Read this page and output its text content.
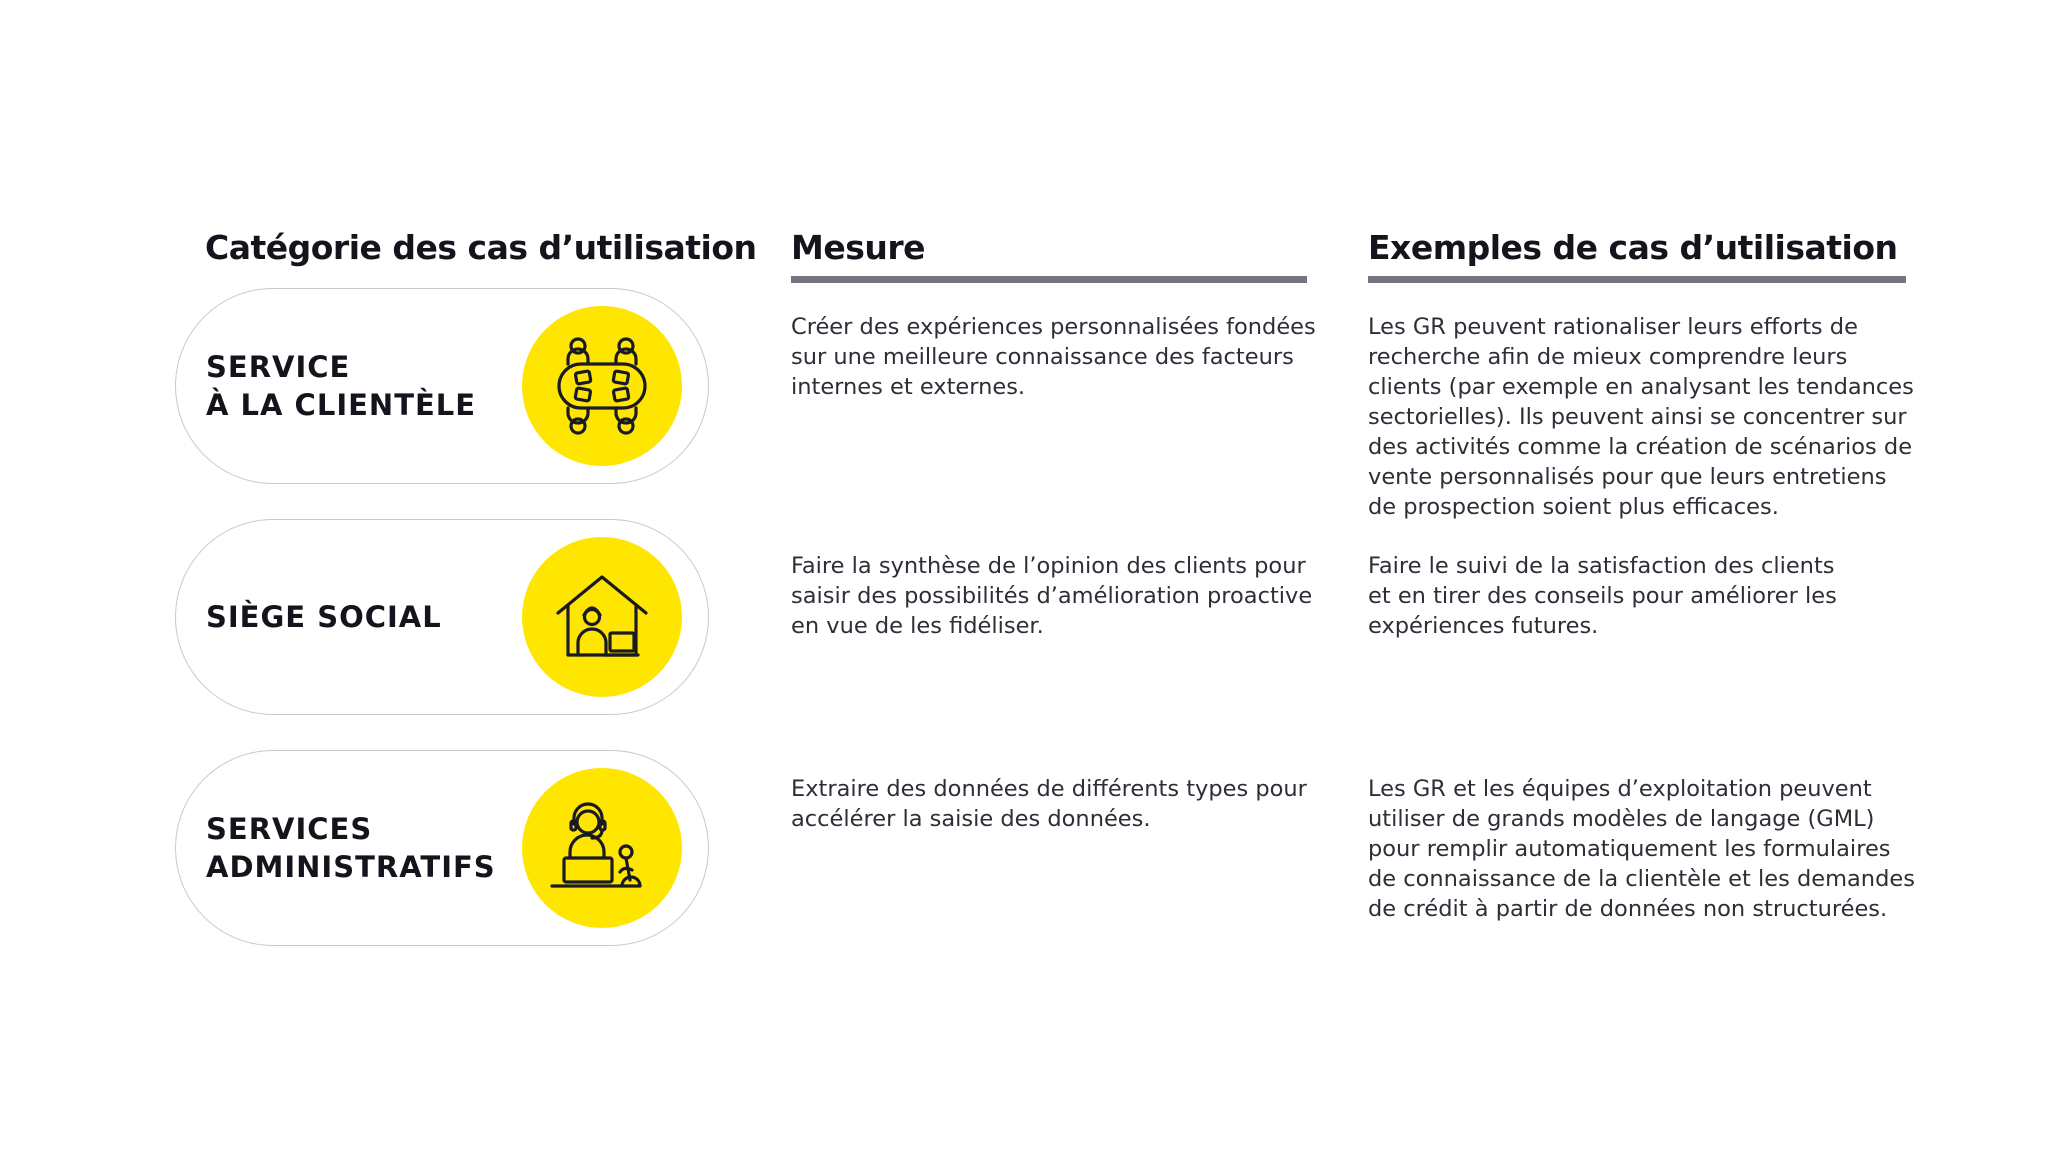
Catégorie des cas d’utilisation Mesure	Exemples de cas d’utilisation
SERVICE
À LA CLIENTÈLE
Créer des expériences personnalisées fondées
sur une meilleure connaissance des facteurs
internes et externes.
Les GR peuvent rationaliser leurs efforts de
recherche afin de mieux comprendre leurs
clients (par exemple en analysant les tendances
sectorielles). Ils peuvent ainsi se concentrer sur
des activités comme la création de scénarios de
vente personnalisés pour que leurs entretiens
de prospection soient plus efficaces.
SIÈGE SOCIAL
Faire la synthèse de l’opinion des clients pour
saisir des possibilités d’amélioration proactive
en vue de les fidéliser.
Faire le suivi de la satisfaction des clients
et en tirer des conseils pour améliorer les
expériences futures.
SERVICES
ADMINISTRATIFS
Extraire des données de différents types pour
accélérer la saisie des données.
Les GR et les équipes d’exploitation peuvent
utiliser de grands modèles de langage (GML)
pour remplir automatiquement les formulaires
de connaissance de la clientèle et les demandes
de crédit à partir de données non structurées.
